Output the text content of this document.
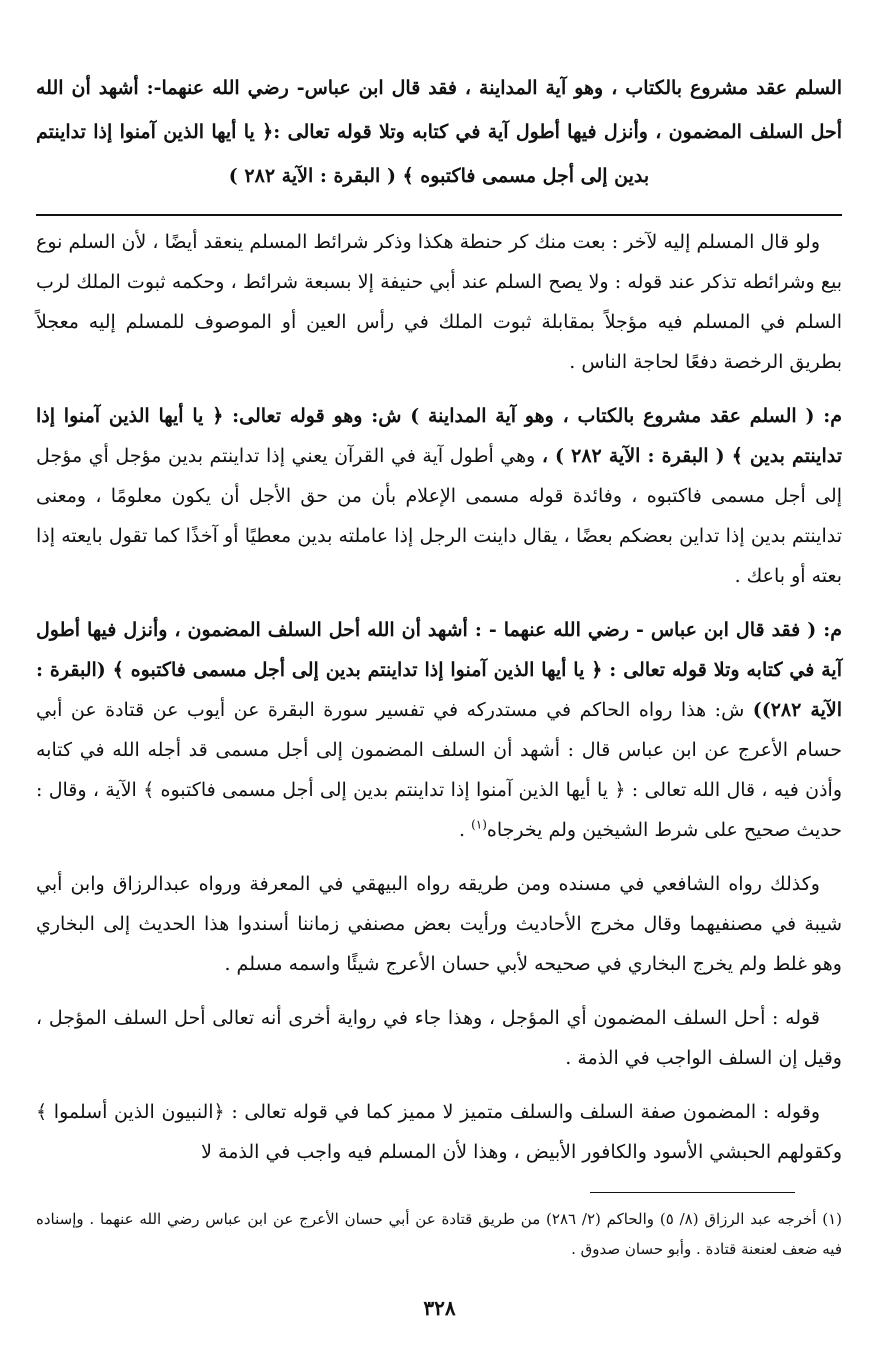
السلم عقد مشروع بالكتاب ، وهو آية المداينة ، فقد قال ابن عباس- رضي الله عنهما-: أشهد أن الله أحل السلف المضمون ، وأنزل فيها أطول آية في كتابه وتلا قوله تعالى :﴿ يا أيها الذين آمنوا إذا تداينتم بدين إلى أجل مسمى فاكتبوه ﴾ ( البقرة : الآية ٢٨٢ )

ولو قال المسلم إليه لآخر : بعت منك كر حنطة هكذا وذكر شرائط المسلم ينعقد أيضًا ، لأن السلم نوع بيع وشرائطه تذكر عند قوله : ولا يصح السلم عند أبي حنيفة إلا بسبعة شرائط ، وحكمه ثبوت الملك لرب السلم في المسلم فيه مؤجلاً بمقابلة ثبوت الملك في رأس العين أو الموصوف للمسلم إليه معجلاً بطريق الرخصة دفعًا لحاجة الناس .

م: ( السلم عقد مشروع بالكتاب ، وهو آية المداينة ) ش: وهو قوله تعالى: ﴿ يا أيها الذين آمنوا إذا تداينتم بدين ﴾ ( البقرة : الآية ٢٨٢ ) ، وهي أطول آية في القرآن يعني إذا تداينتم بدين مؤجل أي مؤجل إلى أجل مسمى فاكتبوه ، وفائدة قوله مسمى الإعلام بأن من حق الأجل أن يكون معلومًا ، ومعنى تداينتم بدين إذا تداين بعضكم بعضًا ، يقال داينت الرجل إذا عاملته بدين معطيًا أو آخذًا كما تقول بايعته إذا بعته أو باعك .

م: ( فقد قال ابن عباس - رضي الله عنهما - : أشهد أن الله أحل السلف المضمون ، وأنزل فيها أطول آية في كتابه وتلا قوله تعالى : ﴿ يا أيها الذين آمنوا إذا تداينتم بدين إلى أجل مسمى فاكتبوه ﴾ (البقرة : الآية ٢٨٢)) ش: هذا رواه الحاكم في مستدركه في تفسير سورة البقرة عن أيوب عن قتادة عن أبي حسام الأعرج عن ابن عباس قال : أشهد أن السلف المضمون إلى أجل مسمى قد أجله الله في كتابه وأذن فيه ، قال الله تعالى : ﴿ يا أيها الذين آمنوا إذا تداينتم بدين إلى أجل مسمى فاكتبوه ﴾ الآية ، وقال : حديث صحيح على شرط الشيخين ولم يخرجاه$^{(١)}$ .

وكذلك رواه الشافعي في مسنده ومن طريقه رواه البيهقي في المعرفة ورواه عبدالرزاق وابن أبي شيبة في مصنفيهما وقال مخرج الأحاديث ورأيت بعض مصنفي زماننا أسندوا هذا الحديث إلى البخاري وهو غلط ولم يخرج البخاري في صحيحه لأبي حسان الأعرج شيئًا واسمه مسلم .

قوله : أحل السلف المضمون أي المؤجل ، وهذا جاء في رواية أخرى أنه تعالى أحل السلف المؤجل ، وقيل إن السلف الواجب في الذمة .

وقوله : المضمون صفة السلف والسلف متميز لا مميز كما في قوله تعالى : ﴿النبيون الذين أسلموا ﴾ وكقولهم الحبشي الأسود والكافور الأبيض ، وهذا لأن المسلم فيه واجب في الذمة لا

(١) أخرجه عبد الرزاق (٨/ ٥) والحاكم (٢/ ٢٨٦) من طريق قتادة عن أبي حسان الأعرج عن ابن عباس رضي الله عنهما . وإسناده فيه ضعف لعنعنة قتادة . وأبو حسان صدوق .

٣٢٨
